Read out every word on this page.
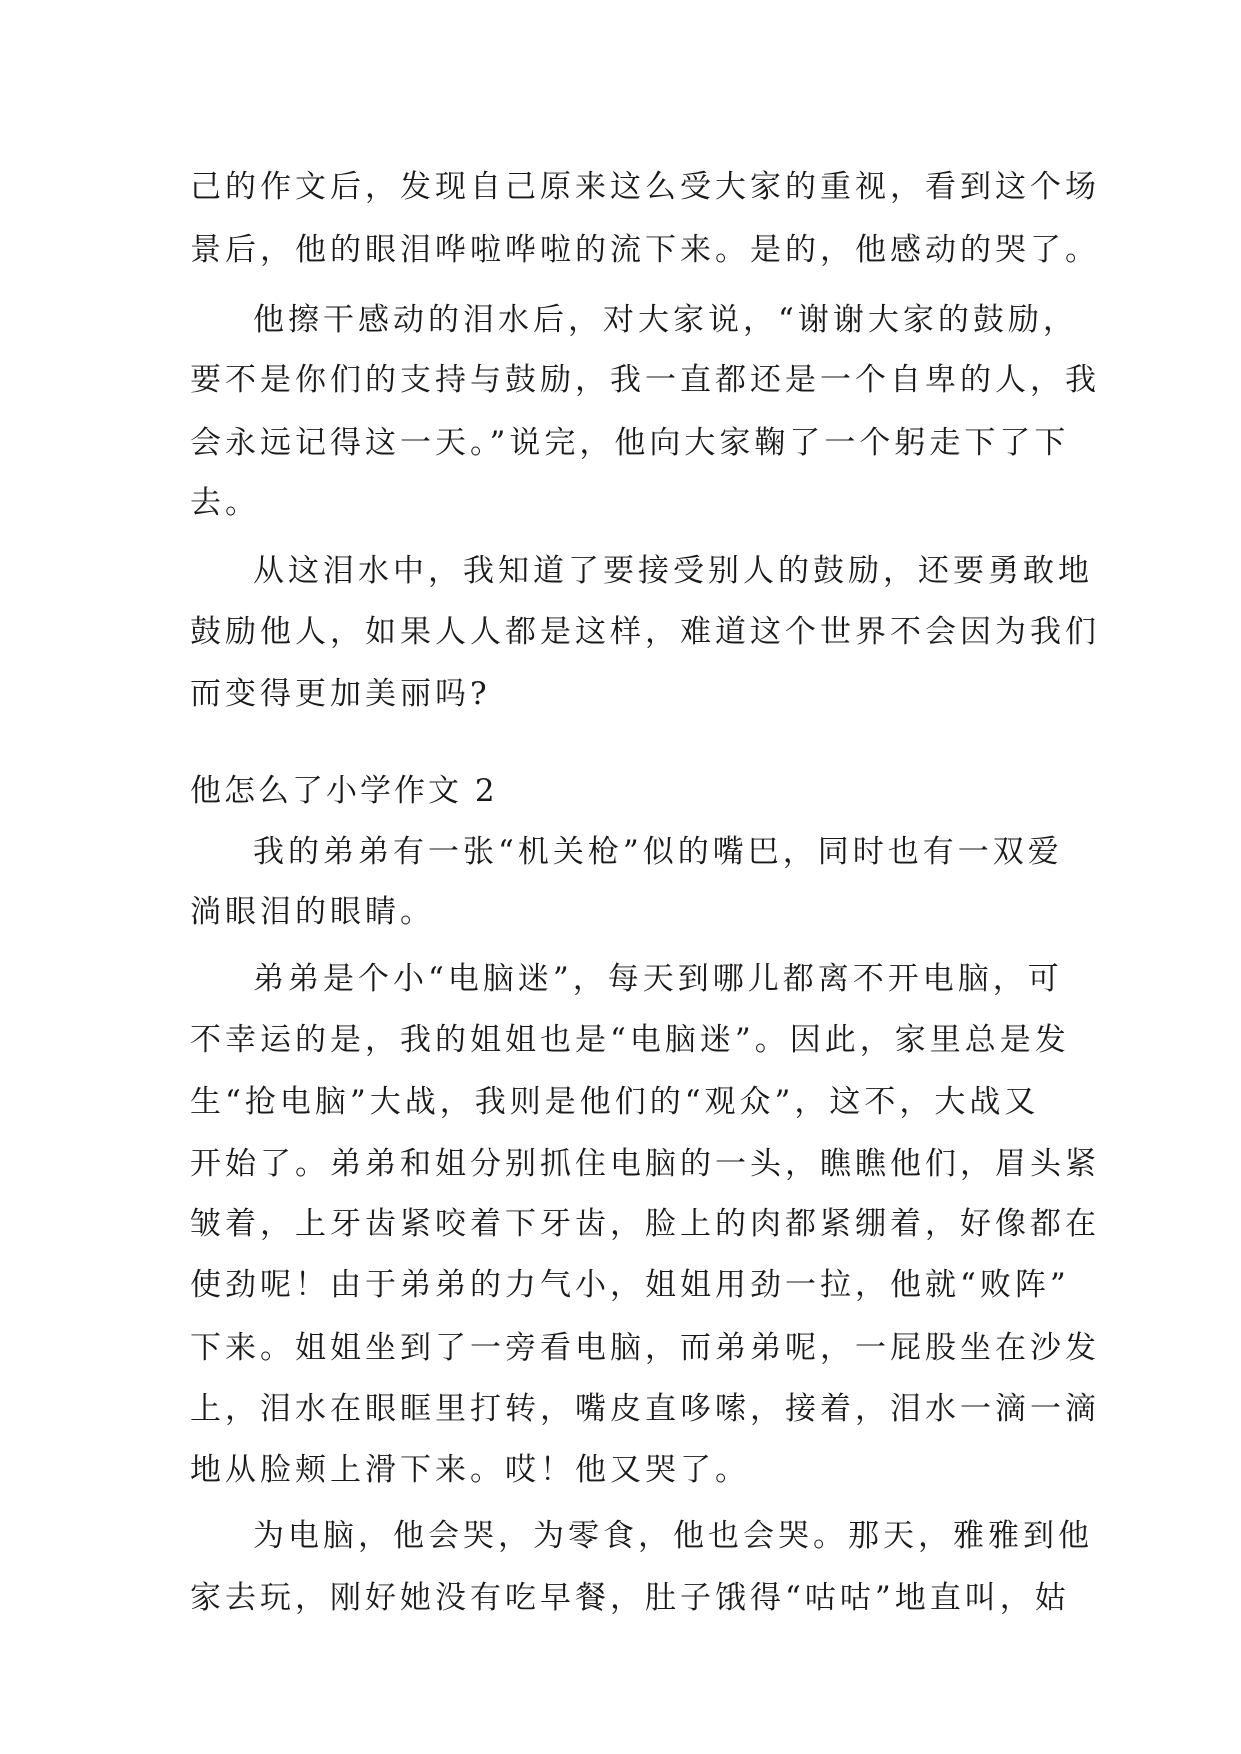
己的作文后，发现自己原来这么受大家的重视，看到这个场
景后，他的眼泪哗啦哗啦的流下来。是的，他感动的哭了。
他擦干感动的泪水后，对大家说，“谢谢大家的鼓励，
要不是你们的支持与鼓励，我一直都还是一个自卑的人，我
会永远记得这一天。”说完，他向大家鞠了一个躬走下了下
去。
从这泪水中，我知道了要接受别人的鼓励，还要勇敢地
鼓励他人，如果人人都是这样，难道这个世界不会因为我们
而变得更加美丽吗?
他怎么了小学作文 2
我的弟弟有一张“机关枪”似的嘴巴，同时也有一双爱
淌眼泪的眼睛。
弟弟是个小“电脑迷”，每天到哪儿都离不开电脑，可
不幸运的是，我的姐姐也是“电脑迷”。因此，家里总是发
生“抢电脑”大战，我则是他们的“观众”，这不，大战又
开始了。弟弟和姐分别抓住电脑的一头，瞧瞧他们，眉头紧
皱着，上牙齿紧咬着下牙齿，脸上的肉都紧绷着，好像都在
使劲呢！由于弟弟的力气小，姐姐用劲一拉，他就“败阵”
下来。姐姐坐到了一旁看电脑，而弟弟呢，一屁股坐在沙发
上，泪水在眼眶里打转，嘴皮直哆嗦，接着，泪水一滴一滴
地从脸颊上滑下来。哎！他又哭了。
为电脑，他会哭，为零食，他也会哭。那天，雅雅到他
家去玩，刚好她没有吃早餐，肚子饿得“咕咕”地直叫，姑
